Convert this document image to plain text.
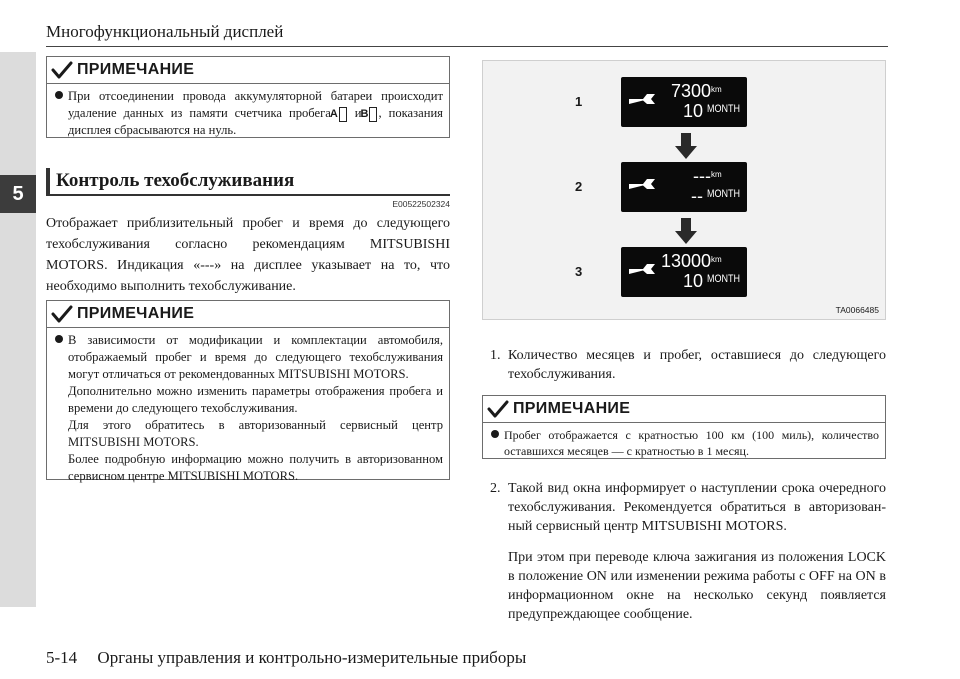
5
Многофункциональный дисплей
ПРИМЕЧАНИЕ
При отсоединении провода аккумуляторной батареи происходит удаление данных из памяти счетчика пробега A и B , показания дисплея сбрасываются на нуль.
Контроль техобслуживания
E00522502324
Отображает приблизительный пробег и время до следующего техобслуживания согласно рекомендациям MITSUBISHI MOTORS. Индикация «---» на дисплее указывает на то, что необходимо выполнить техобслуживание.
ПРИМЕЧАНИЕ
В зависимости от модификации и комплектации автомобиля, отображаемый пробег и время до следующего техобслуживания могут отличаться от рекомендованных MITSUBISHI MOTORS.
Дополнительно можно изменить параметры отображения пробега и времени до следующего техобслуживания.
Для этого обратитесь в авторизованный сервисный центр MITSUBISHI MOTORS.
Более подробную информацию можно получить в авторизованном сервисном центре MITSUBISHI MOTORS.
1
7300 km
10 MONTH
2
--- km
-- MONTH
3
13000 km
10 MONTH
TA0066485
1. Количество месяцев и пробег, оставшиеся до следующего техобслуживания.
ПРИМЕЧАНИЕ
Пробег отображается с кратностью 100 км (100 миль), количество оставшихся месяцев — с кратностью в 1 месяц.
2. Такой вид окна информирует о наступлении срока очередного техобслуживания. Рекомендуется обратиться в авторизован-ный сервисный центр MITSUBISHI MOTORS.
При этом при переводе ключа зажигания из положения LOCK в положение ON или изменении режима работы с OFF на ON в информационном окне на несколько секунд появляется предупреждающее сообщение.
5-14 Органы управления и контрольно-измерительные приборы
